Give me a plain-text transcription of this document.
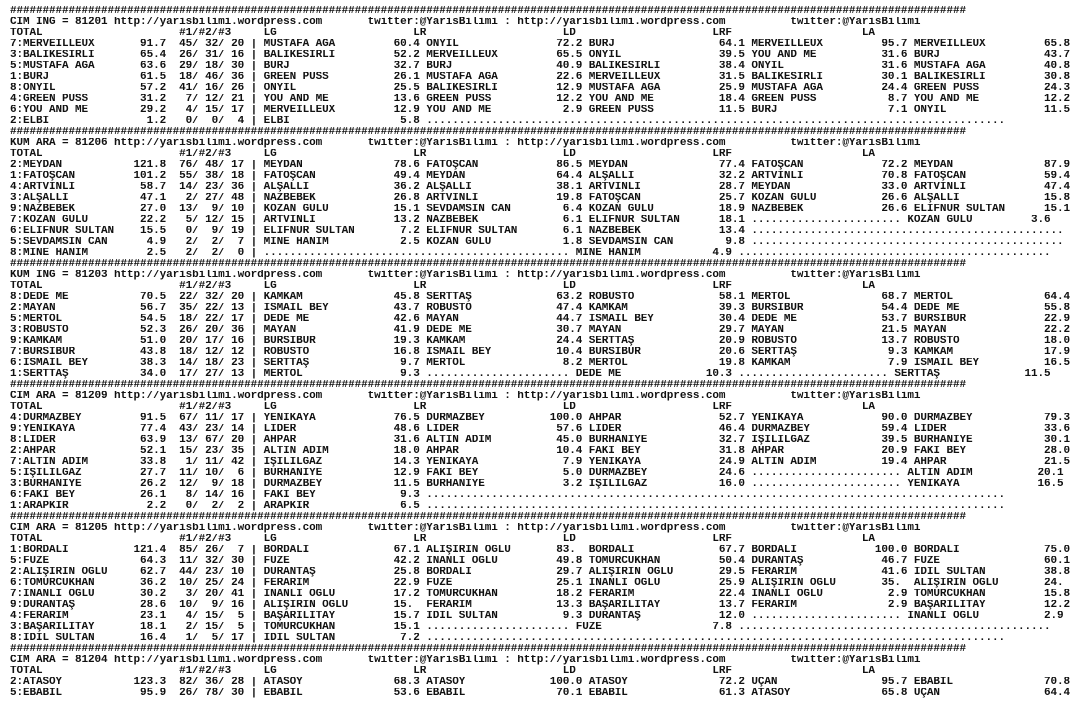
###################################################################################################################################################
CIM ING = 81201 http://yarisbilimi.wordpress.com       twitter:@YarisBilimi : http://yarisbilimi.wordpress.com          twitter:@YarisBilimi
TOTAL                     #1/#2/#3     LG                     LR                     LD                     LRF                    LA
7:MERVEILLEUX       91.7  45/ 32/ 20 | MUSTAFA AGA         60.4 ONYIL               72.2 BURJ                64.1 MERVEILLEUX         95.7 MERVEILLEUX         65.8
3:BALIKESIRLI       65.4  26/ 31/ 16 | BALIKESIRLI         52.2 MERVEILLEUX         65.5 ONYIL               39.5 YOU AND ME          31.6 BURJ                43.7
5:MUSTAFA AGA       63.6  29/ 18/ 30 | BURJ                32.7 BURJ                40.9 BALIKESIRLI         38.4 ONYIL               31.6 MUSTAFA AGA         40.8
1:BURJ              61.5  18/ 46/ 36 | GREEN PUSS          26.1 MUSTAFA AGA         22.6 MERVEILLEUX         31.5 BALIKESIRLI         30.1 BALIKESIRLI         30.8
8:ONYIL             57.2  41/ 16/ 26 | ONYIL               25.5 BALIKESIRLI         12.9 MUSTAFA AGA         25.9 MUSTAFA AGA         24.4 GREEN PUSS          24.3
4:GREEN PUSS        31.2   7/ 12/ 21 | YOU AND ME          13.6 GREEN PUSS          12.2 YOU AND ME          18.4 GREEN PUSS           8.7 YOU AND ME          12.2
6:YOU AND ME        29.2   4/ 15/ 17 | MERVEILLEUX         12.9 YOU AND ME           2.9 GREEN PUSS          11.5 BURJ                 7.1 ONYIL               11.5
2:ELBI               1.2   0/  0/  4 | ELBI                 5.8 .........................................................................................
###################################################################################################################################################
KUM ARA = 81206 http://yarisbilimi.wordpress.com       twitter:@YarisBilimi : http://yarisbilimi.wordpress.com          twitter:@YarisBilimi
TOTAL                     #1/#2/#3     LG                     LR                     LD                     LRF                    LA
2:MEYDAN           121.8  76/ 48/ 17 | MEYDAN              78.6 FATOŞCAN            86.5 MEYDAN              77.4 FATOŞCAN            72.2 MEYDAN              87.9
1:FATOŞCAN         101.2  55/ 38/ 18 | FATOŞCAN            49.4 MEYDAN              64.4 ALŞALLI             32.2 ARTVİNLİ            70.8 FATOŞCAN            59.4
4:ARTVİNLİ          58.7  14/ 23/ 36 | ALŞALLI             36.2 ALŞALLI             38.1 ARTVİNLİ            28.7 MEYDAN              33.0 ARTVİNLİ            47.4
3:ALŞALLI           47.1   2/ 27/ 48 | NAZBEBEK            26.8 ARTVİNLİ            19.8 FATOŞCAN            25.7 KOZAN GÜLÜ          26.6 ALŞALLI             15.8
9:NAZBEBEK          27.0  13/  9/ 10 | KOZAN GÜLÜ          15.1 SEVDAMSIN CAN        6.4 KOZAN GÜLÜ          18.9 NAZBEBEK            26.6 ELİFNUR SULTAN      15.1
7:KOZAN GÜLÜ        22.2   5/ 12/ 15 | ARTVİNLİ            13.2 NAZBEBEK             6.1 ELİFNUR SULTAN      18.1 ....................... KOZAN GÜLÜ         3.6
6:ELİFNUR SULTAN    15.5   0/  9/ 19 | ELİFNUR SULTAN       7.2 ELİFNUR SULTAN       6.1 NAZBEBEK            13.4 ................................................
5:SEVDAMSIN CAN      4.9   2/  2/  7 | MİNE HANIM           2.5 KOZAN GÜLÜ           1.8 SEVDAMSIN CAN        9.8 ................................................
8:MİNE HANIM         2.5   2/  2/  0 | ............................................... MİNE HANIM           4.9 ................................................
###################################################################################################################################################
KUM ING = 81203 http://yarisbilimi.wordpress.com       twitter:@YarisBilimi : http://yarisbilimi.wordpress.com          twitter:@YarisBilimi
TOTAL                     #1/#2/#3     LG                     LR                     LD                     LRF                    LA
8:DEDE ME           70.5  22/ 32/ 20 | KAMKAM              45.8 SERTTAŞ             63.2 ROBUSTO             58.1 MERTOL              68.7 MERTOL              64.4
2:MAYAN             56.7  35/ 22/ 13 | İSMAİL BEY          43.7 ROBUSTO             47.4 KAMKAM              39.3 BURSIBUR            54.4 DEDE ME             55.8
5:MERTOL            54.5  18/ 22/ 17 | DEDE ME             42.6 MAYAN               44.7 İSMAİL BEY          30.4 DEDE ME             53.7 BURSIBUR            22.9
3:ROBUSTO           52.3  26/ 20/ 36 | MAYAN               41.9 DEDE ME             30.7 MAYAN               29.7 MAYAN               21.5 MAYAN               22.2
9:KAMKAM            51.0  20/ 17/ 16 | BURSIBUR            19.3 KAMKAM              24.4 SERTTAŞ             20.9 ROBUSTO             13.7 ROBUSTO             18.0
7:BURSIBUR          43.8  18/ 12/ 12 | ROBUSTO             16.8 İSMAİL BEY          10.4 BURSIBUR            20.6 SERTTAŞ              9.3 KAMKAM              17.9
6:İSMAİL BEY        38.3  14/ 18/ 23 | SERTTAŞ              9.7 MERTOL               8.2 MERTOL              19.8 KAMKAM               7.9 İSMAİL BEY          16.5
1:SERTTAŞ           34.0  17/ 27/ 13 | MERTOL               9.3 ...................... DEDE ME             10.3 ....................... SERTTAŞ             11.5
###################################################################################################################################################
CIM ARA = 81209 http://yarisbilimi.wordpress.com       twitter:@YarisBilimi : http://yarisbilimi.wordpress.com          twitter:@YarisBilimi
TOTAL                     #1/#2/#3     LG                     LR                     LD                     LRF                    LA
4:DURMAZBEY         91.5  67/ 11/ 17 | YENİKAYA            76.5 DURMAZBEY          100.0 AHPAR               52.7 YENİKAYA            90.0 DURMAZBEY           79.3
9:YENİKAYA          77.4  43/ 23/ 14 | LİDER               48.6 LİDER               57.6 LİDER               46.4 DURMAZBEY           59.4 LİDER               33.6
8:LİDER             63.9  13/ 67/ 20 | AHPAR               31.6 ALTIN ADIM          45.0 BURHANİYE           32.7 IŞILILGAZ           39.5 BURHANİYE           30.1
2:AHPAR             52.1  15/ 23/ 35 | ALTIN ADIM          18.0 AHPAR               10.4 FAKI BEY            31.8 AHPAR               20.9 FAKI BEY            28.0
7:ALTIN ADIM        33.8   1/ 11/ 42 | IŞILILGAZ           14.3 YENİKAYA             7.9 YENİKAYA            24.9 ALTIN ADIM          19.4 AHPAR               21.5
5:IŞILILGAZ         27.7  11/ 10/  6 | BURHANİYE           12.9 FAKI BEY             5.0 DURMAZBEY           24.6 ....................... ALTIN ADIM          20.1
3:BURHANİYE         26.2  12/  9/ 18 | DURMAZBEY           11.5 BURHANİYE            3.2 IŞILILGAZ           16.0 ....................... YENİKAYA            16.5
6:FAKI BEY          26.1   8/ 14/ 16 | FAKI BEY             9.3 .........................................................................................
1:ARAPKIR            2.2   0/  2/  2 | ARAPKIR              6.5 .........................................................................................
###################################################################################################################################################
CIM ARA = 81205 http://yarisbilimi.wordpress.com       twitter:@YarisBilimi : http://yarisbilimi.wordpress.com          twitter:@YarisBilimi
TOTAL                     #1/#2/#3     LG                     LR                     LD                     LRF                    LA
1:BORDALI          121.4  85/ 26/  7 | BORDALI             67.1 ALİŞİRİN OĞLU       83.  BORDALI             67.7 BORDALI            100.0 BORDALI             75.0
5:FÜZE              64.3  11/ 32/ 30 | FÜZE                42.2 İNANLI OĞLU         49.8 TOMURCUKHAN         50.4 DURANTAŞ            46.7 FÜZE                60.1
2:ALİŞİRİN OĞLU     62.7  44/ 23/ 10 | DURANTAŞ            25.8 BORDALI             29.7 ALİŞİRİN OĞLU       29.5 FERARİM             41.6 İDİL SULTAN         38.8
6:TOMURCUKHAN       36.2  10/ 25/ 24 | FERARİM             22.9 FÜZE                25.1 İNANLI OĞLU         25.9 ALİŞİRİN OĞLU       35.  ALİŞİRİN OĞLU       24.
7:İNANLI OĞLU       30.2   3/ 20/ 41 | İNANLI OĞLU         17.2 TOMURCUKHAN         18.2 FERARİM             22.4 İNANLI OĞLU          2.9 TOMURCUKHAN         15.8
9:DURANTAŞ          28.6  10/  9/ 16 | ALİŞİRİN OĞLU       15.  FERARİM             13.3 BAŞARILITAY         13.7 FERARİM              2.9 BAŞARILITAY         12.2
4:FERARİM           23.1   4/ 15/  5 | BAŞARILITAY         15.7 İDİL SULTAN          9.3 DURANTAŞ            12.0 ....................... İNANLI OĞLU          2.9
3:BAŞARILITAY       18.1   2/ 15/  5 | TOMURCUKHAN         15.1 ...................... FÜZE                 7.8 ................................................
8:İDİL SULTAN       16.4   1/  5/ 17 | İDİL SULTAN          7.2 .........................................................................................
###################################################################################################################################################
CIM ARA = 81204 http://yarisbilimi.wordpress.com       twitter:@YarisBilimi : http://yarisbilimi.wordpress.com          twitter:@YarisBilimi
TOTAL                     #1/#2/#3     LG                     LR                     LD                     LRF                    LA
2:ATASOY           123.3  82/ 36/ 28 | ATASOY              68.3 ATASOY             100.0 ATASOY              72.2 UÇAN                95.7 EBABİL              70.8
5:EBABİL            95.9  26/ 78/ 30 | EBABİL              53.6 EBABİL              70.1 EBABİL              61.3 ATASOY              65.8 UÇAN                64.4
